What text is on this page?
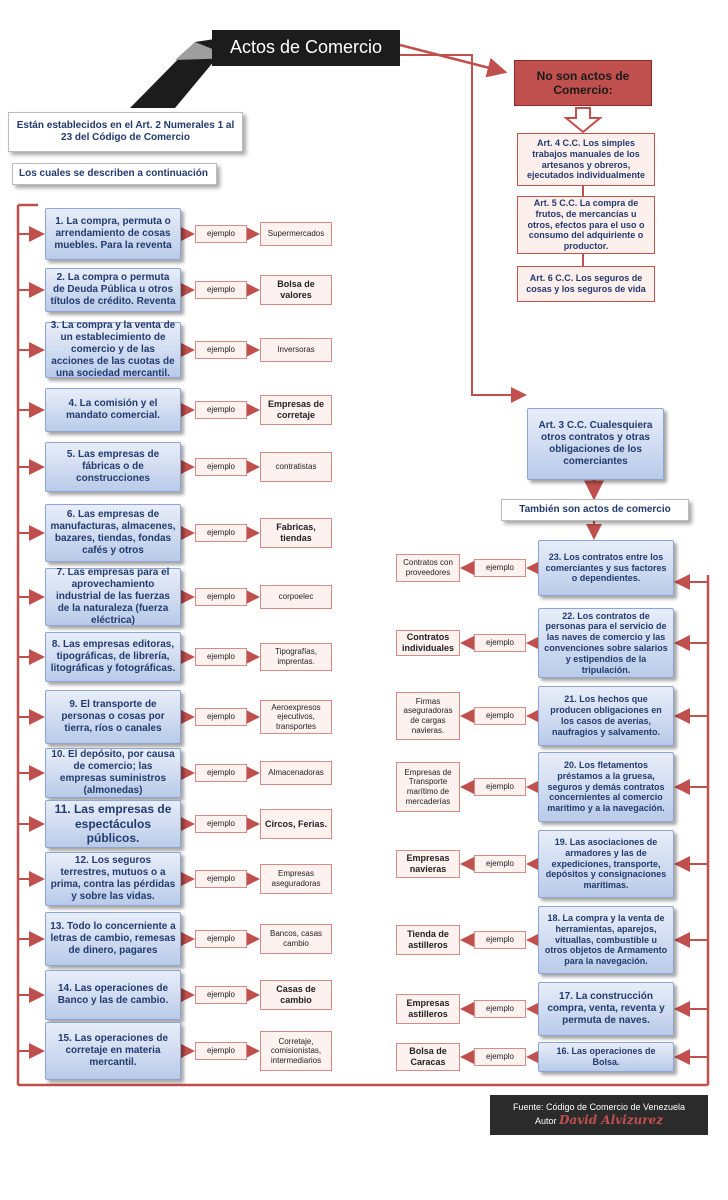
Actos de Comercio
Están establecidos en el Art. 2 Numerales 1 al 23 del Código de Comercio
Los cuales se describen a continuación
No son actos de Comercio:
Art. 4 C.C. Los simples trabajos manuales de los artesanos y obreros, ejecutados individualmente
Art. 5 C.C. La compra de frutos, de mercancías u otros, efectos para el uso o consumo del adquiriente o productor.
Art. 6 C.C. Los seguros de cosas y los seguros de vida
Art. 3 C.C. Cualesquiera otros contratos y otras obligaciones de los comerciantes
También son actos de comercio
1. La compra, permuta o arrendamiento de cosas muebles. Para la reventa
ejemplo	Supermercados
2. La compra o permuta de Deuda Pública u otros títulos de crédito. Reventa
ejemplo
Bolsa de valores
3. La compra y la venta de un establecimiento de comercio y de las acciones de las cuotas de una sociedad mercantil.
ejemplo	Inversoras
4. La comisión y el mandato comercial.
ejemplo
Empresas de corretaje
5. Las empresas de fábricas o de construcciones
ejemplo	contratistas
6. Las empresas de manufacturas, almacenes, bazares, tiendas, fondas cafés y otros
ejemplo
Fabricas, tiendas
7. Las empresas para el aprovechamiento industrial de las fuerzas de la naturaleza (fuerza eléctrica)
ejemplo	corpoelec
8. Las empresas editoras, tipográficas, de librería, litográficas y fotográficas.
ejemplo
Tipografías, imprentas.
9. El transporte de personas o cosas por tierra, ríos o canales
ejemplo
Aeroexpresos ejecutivos, transportes
10. El depósito, por causa de comercio; las empresas suministros (almonedas)
ejemplo	Almacenadoras
11. Las empresas de espectáculos públicos.
ejemplo	Circos, Ferias.
12. Los seguros terrestres, mutuos o a prima, contra las pérdidas y sobre las vidas.
ejemplo
Empresas aseguradoras
13. Todo lo concerniente a letras de cambio, remesas de dinero, pagares
ejemplo
Bancos, casas cambio
14. Las operaciones de Banco y las de cambio.
ejemplo
Casas de cambio
15. Las operaciones de corretaje en materia mercantil.
ejemplo
Corretaje, comisionistas, intermediarios
23. Los contratos entre los comerciantes y sus factores o dependientes.
ejemplo
Contratos con proveedores
22. Los contratos de personas para el servicio de las naves de comercio y las convenciones sobre salarios y estipendios de la tripulación.
ejemplo
Contratos individuales
21. Los hechos que producen obligaciones en los casos de averías, naufragios y salvamento.
ejemplo
Firmas aseguradoras de cargas navieras.
20. Los fletamentos préstamos a la gruesa, seguros y demás contratos concernientes al comercio marítimo y a la navegación.
ejemplo
Empresas de Transporte marítimo de mercaderías
19. Las asociaciones de armadores y las de expediciones, transporte, depósitos y consignaciones marítimas.
ejemplo
Empresas navieras
18. La compra y la venta de herramientas, aparejos, vituallas, combustible u otros objetos de Armamento para la navegación.
ejemplo
Tienda de astilleros
17. La construcción compra, venta, reventa y permuta de naves.
ejemplo
Empresas astilleros
16. Las operaciones de Bolsa.
ejemplo
Bolsa de Caracas
Fuente: Código de Comercio de Venezuela
Autor David Alvizurez
